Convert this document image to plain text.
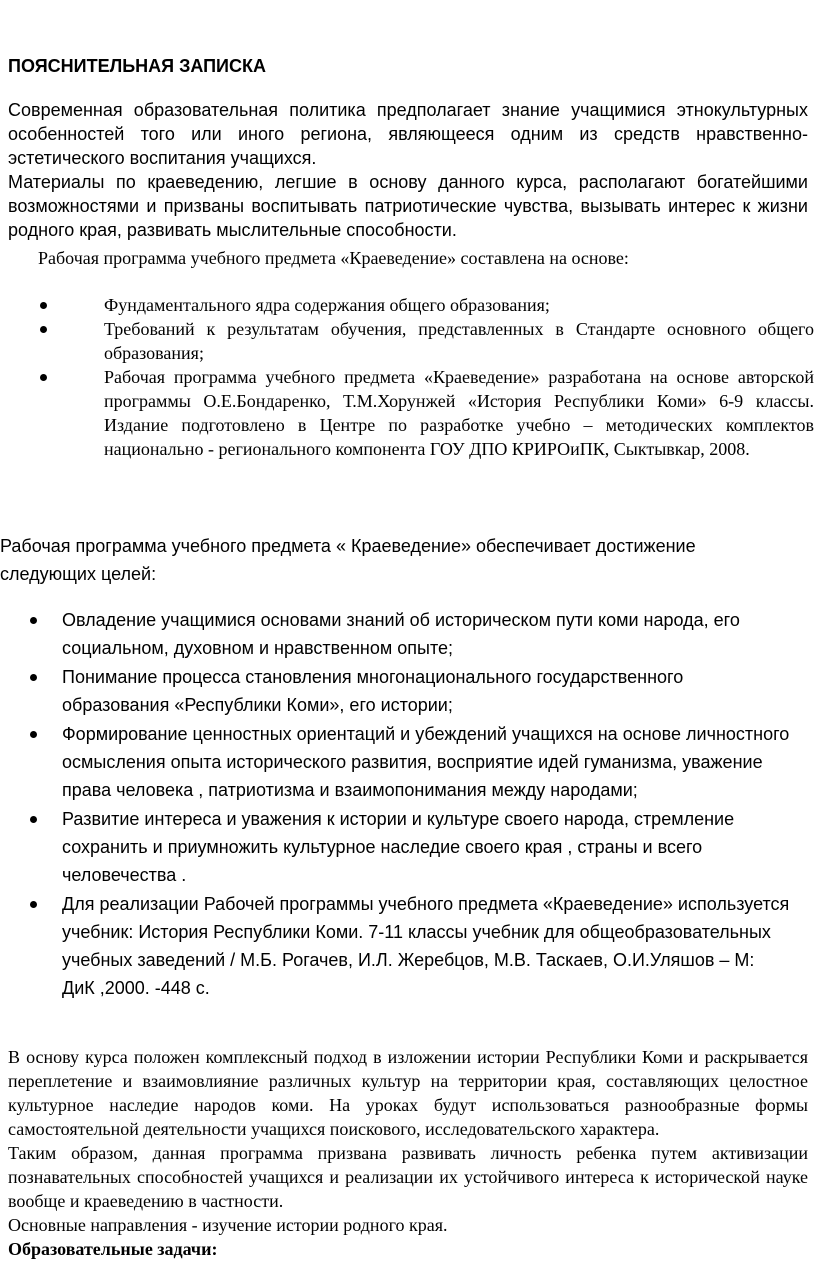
ПОЯСНИТЕЛЬНАЯ ЗАПИСКА

Современная образовательная политика предполагает знание учащимися этнокультурных особенностей того или иного региона, являющееся одним из средств нравственно-эстетического воспитания учащихся.

Материалы по краеведению, легшие в основу данного курса, располагают богатейшими возможностями и призваны воспитывать патриотические чувства, вызывать интерес к жизни родного края, развивать мыслительные способности.

Рабочая программа учебного предмета «Краеведение» составлена на основе:

Фундаментального ядра содержания общего образования;
Требований к результатам обучения, представленных в Стандарте основного общего образования;
Рабочая программа учебного предмета «Краеведение» разработана на основе авторской программы О.Е.Бондаренко, Т.М.Хорунжей «История Республики Коми» 6-9 классы. Издание подготовлено в Центре по разработке учебно – методических комплектов национально - регионального компонента ГОУ ДПО КРИРОиПК, Сыктывкар, 2008.

Рабочая программа учебного предмета « Краеведение» обеспечивает достижение следующих целей:

Овладение учащимися основами знаний об историческом пути коми народа, его социальном, духовном и нравственном опыте;
Понимание процесса становления многонационального государственного образования «Республики Коми», его истории;
Формирование ценностных ориентаций и убеждений учащихся на основе личностного осмысления опыта исторического развития, восприятие идей гуманизма, уважение права человека , патриотизма и взаимопонимания между народами;
Развитие интереса и уважения к истории и культуре своего народа, стремление сохранить и приумножить культурное наследие своего края , страны и всего человечества .
Для реализации Рабочей программы учебного предмета «Краеведение» используется учебник: История Республики Коми. 7-11 классы учебник для общеобразовательных учебных заведений / М.Б. Рогачев, И.Л. Жеребцов, М.В. Таскаев, О.И.Уляшов – М: ДиК ,2000. -448 с.

В основу курса положен комплексный подход в изложении истории Республики Коми и раскрывается переплетение и взаимовлияние различных культур на территории края, составляющих целостное культурное наследие народов коми. На уроках будут использоваться разнообразные формы самостоятельной деятельности учащихся поискового, исследовательского характера.

Таким образом, данная программа призвана развивать личность ребенка путем активизации познавательных способностей учащихся и реализации их устойчивого интереса к исторической науке вообще и краеведению в частности.

Основные направления - изучение истории родного края.

Образовательные задачи:
